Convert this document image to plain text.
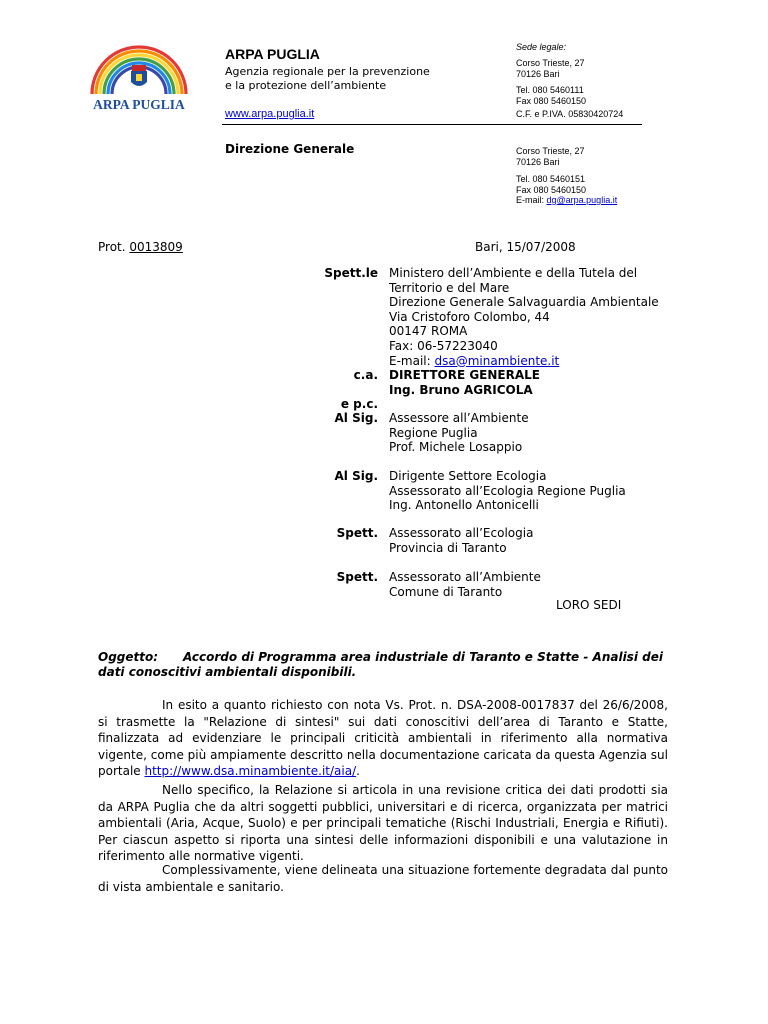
ARPA PUGLIA
ARPA PUGLIA
Agenzia regionale per la prevenzione
e la protezione dell’ambiente
www.arpa.puglia.it
Sede legale:
Corso Trieste, 27
70126 Bari
Tel. 080 5460111
Fax 080 5460150
C.F. e P.IVA. 05830420724
Direzione Generale	Corso Trieste, 27
70126 Bari
Tel. 080 5460151
Fax 080 5460150
E-mail: dg@arpa.puglia.it
Prot. 0013809	Bari, 15/07/2008
Spett.le Ministero dell’Ambiente e della Tutela del
Territorio e del Mare
Direzione Generale Salvaguardia Ambientale
Via Cristoforo Colombo, 44
00147 ROMA
Fax: 06-57223040
E-mail: dsa@minambiente.it
DIRETTORE GENERALE
Ing. Bruno AGRICOLA
c.a.
e p.c.
Al Sig. Assessore all’Ambiente
Regione Puglia
Prof. Michele Losappio
Al Sig. Dirigente Settore Ecologia
Assessorato all’Ecologia Regione Puglia
Ing. Antonello Antonicelli
Spett. Assessorato all’Ecologia
Provincia di Taranto
Spett. Assessorato all’Ambiente
Comune di Taranto
LORO SEDI
Oggetto: Accordo di Programma area industriale di Taranto e Statte - Analisi dei dati conoscitivi ambientali disponibili.
In esito a quanto richiesto con nota Vs. Prot. n. DSA-2008-0017837 del 26/6/2008, si trasmette la "Relazione di sintesi" sui dati conoscitivi dell’area di Taranto e Statte, finalizzata ad evidenziare le principali criticità ambientali in riferimento alla normativa vigente, come più ampiamente descritto nella documentazione caricata da questa Agenzia sul portale http://www.dsa.minambiente.it/aia/.
Nello specifico, la Relazione si articola in una revisione critica dei dati prodotti sia da ARPA Puglia che da altri soggetti pubblici, universitari e di ricerca, organizzata per matrici ambientali (Aria, Acque, Suolo) e per principali tematiche (Rischi Industriali, Energia e Rifiuti). Per ciascun aspetto si riporta una sintesi delle informazioni disponibili e una valutazione in riferimento alle normative vigenti.
Complessivamente, viene delineata una situazione fortemente degradata dal punto di vista ambientale e sanitario.
